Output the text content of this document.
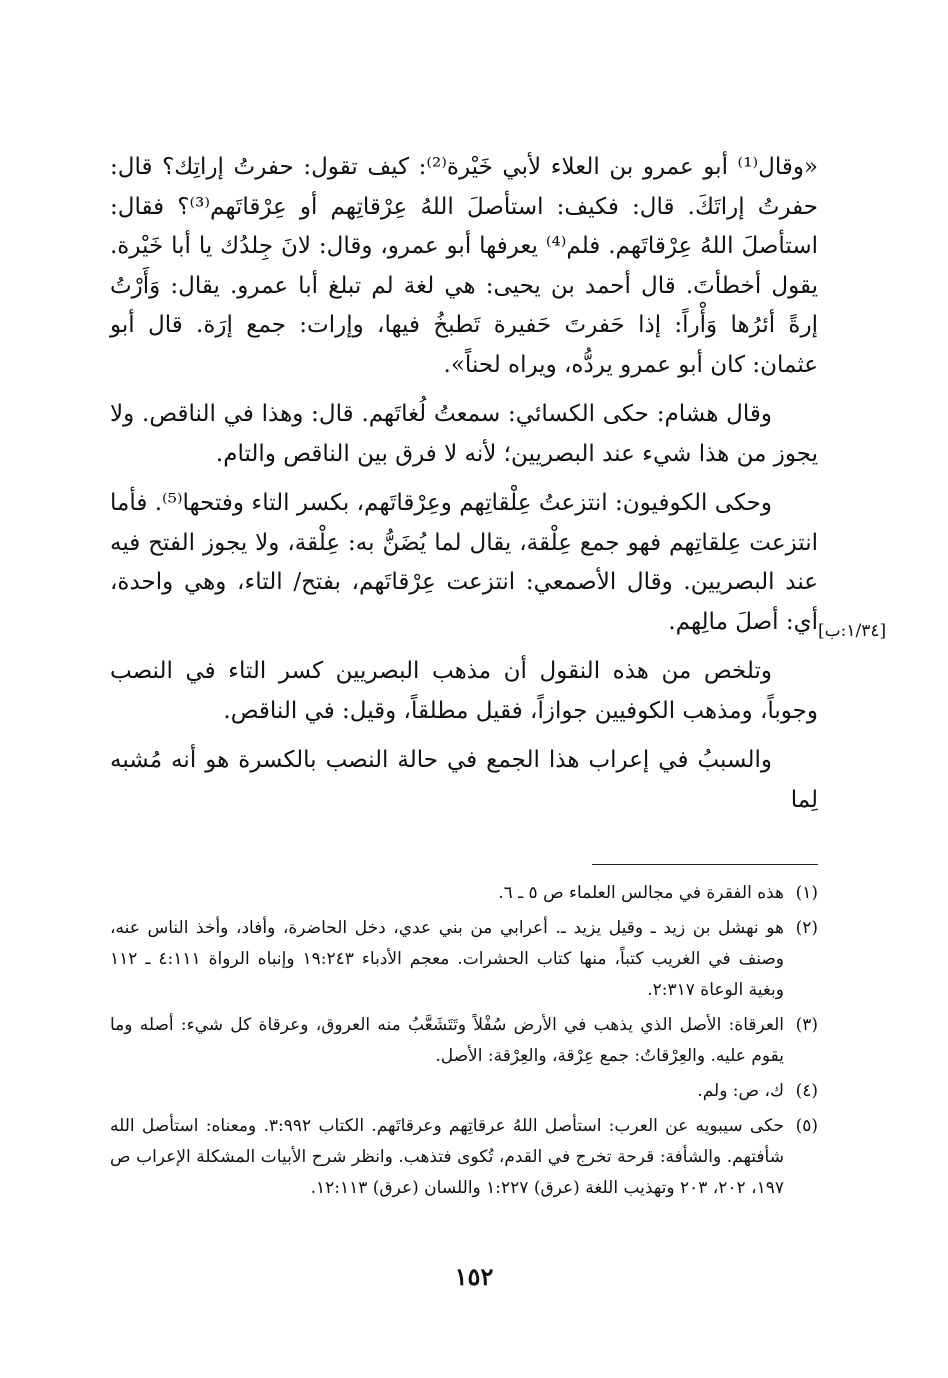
«وقال⁽¹⁾ أبو عمرو بن العلاء لأبي خَيْرة⁽²⁾: كيف تقول: حفرتُ إراتِك؟ قال: حفرتُ إراتَكَ. قال: فكيف: استأصلَ اللهُ عِرْقاتِهم أو عِرْقاتَهم⁽³⁾؟ فقال: استأصلَ اللهُ عِرْقاتَهم. فلم⁽⁴⁾ يعرفها أبو عمرو، وقال: لانَ جِلدُك يا أبا خَيْرة. يقول أخطأتَ. قال أحمد بن يحيى: هي لغة لم تبلغ أبا عمرو. يقال: وَأَرْتُ إرةً أئرُها وَأْراً: إذا حَفرتَ حَفيرة تَطبخُ فيها، وإرات: جمع إرَة. قال أبو عثمان: كان أبو عمرو يردُّه، ويراه لحناً».

وقال هشام: حكى الكسائي: سمعتُ لُغاتَهم. قال: وهذا في الناقص. ولا يجوز من هذا شيء عند البصريين؛ لأنه لا فرق بين الناقص والتام.

وحكى الكوفيون: انتزعتُ عِلْقاتِهم وعِرْقاتَهم، بكسر التاء وفتحها⁽⁵⁾. فأما انتزعت عِلقاتِهم فهو جمع عِلْقة، يقال لما يُضَنُّ به: عِلْقة، ولا يجوز الفتح فيه عند البصريين. وقال الأصمعي: انتزعت عِرْقاتَهم، بفتح/ التاء، وهي واحدة، أي: أصلَ مالِهم.

وتلخص من هذه النقول أن مذهب البصريين كسر التاء في النصب وجوباً، ومذهب الكوفيين جوازاً، فقيل مطلقاً، وقيل: في الناقص.

والسببُ في إعراب هذا الجمع في حالة النصب بالكسرة هو أنه مُشبه لِما

[١/٣٤:ب]
(١)
هذه الفقرة في مجالس العلماء ص ٥ ـ ٦.
(٢)
هو نهشل بن زيد ـ وقيل يزيد ـ. أعرابي من بني عدي، دخل الحاضرة، وأفاد، وأخذ الناس عنه، وصنف في الغريب كتباً، منها كتاب الحشرات. معجم الأدباء ١٩:٢٤٣ وإنباه الرواة ٤:١١١ ـ ١١٢ وبغية الوعاة ٢:٣١٧.
(٣)
العرقاة: الأصل الذي يذهب في الأرض سُفْلاً وتَتَشَعَّبُ منه العروق، وعرقاة كل شيء: أصله وما يقوم عليه. والعِرْقاتُ: جمع عِرْقة، والعِرْقة: الأصل.
(٤)
ك، ص: ولم.
(٥)
حكى سيبويه عن العرب: استأصل اللهُ عرقاتِهم وعرقاتَهم. الكتاب ٣:٩٩٢. ومعناه: استأصل الله شأفتهم. والشأفة: قرحة تخرج في القدم، تُكوى فتذهب. وانظر شرح الأبيات المشكلة الإعراب ص ١٩٧، ٢٠٢، ٢٠٣ وتهذيب اللغة (عرق) ١:٢٢٧ واللسان (عرق) ١٢:١١٣.
١٥٢
